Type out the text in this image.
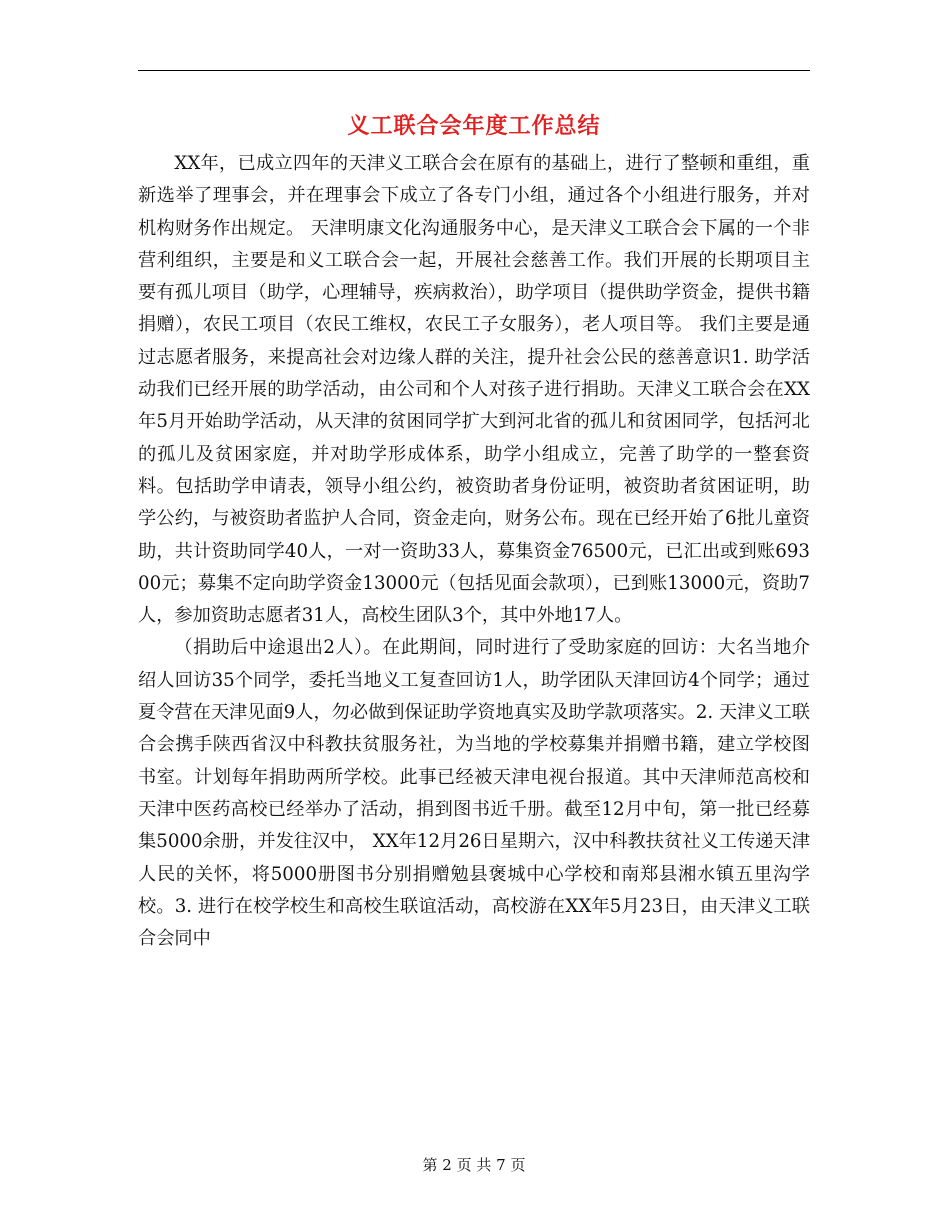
义工联合会年度工作总结

XX年，已成立四年的天津义工联合会在原有的基础上，进行了整顿和重组，重新选举了理事会，并在理事会下成立了各专门小组，通过各个小组进行服务，并对机构财务作出规定。 天津明康文化沟通服务中心，是天津义工联合会下属的一个非营利组织，主要是和义工联合会一起，开展社会慈善工作。我们开展的长期项目主要有孤儿项目（助学，心理辅导，疾病救治），助学项目（提供助学资金，提供书籍捐赠），农民工项目（农民工维权，农民工子女服务），老人项目等。 我们主要是通过志愿者服务，来提高社会对边缘人群的关注，提升社会公民的慈善意识1. 助学活动我们已经开展的助学活动，由公司和个人对孩子进行捐助。天津义工联合会在XX年5月开始助学活动，从天津的贫困同学扩大到河北省的孤儿和贫困同学，包括河北的孤儿及贫困家庭，并对助学形成体系，助学小组成立，完善了助学的一整套资料。包括助学申请表，领导小组公约，被资助者身份证明，被资助者贫困证明，助学公约，与被资助者监护人合同，资金走向，财务公布。现在已经开始了6批儿童资助，共计资助同学40人，一对一资助33人，募集资金76500元，已汇出或到账69300元；募集不定向助学资金13000元（包括见面会款项），已到账13000元，资助7人，参加资助志愿者31人，高校生团队3个，其中外地17人。

（捐助后中途退出2人）。在此期间，同时进行了受助家庭的回访：大名当地介绍人回访35个同学，委托当地义工复查回访1人，助学团队天津回访4个同学；通过夏令营在天津见面9人，勿必做到保证助学资地真实及助学款项落实。2. 天津义工联合会携手陕西省汉中科教扶贫服务社，为当地的学校募集并捐赠书籍，建立学校图书室。计划每年捐助两所学校。此事已经被天津电视台报道。其中天津师范高校和天津中医药高校已经举办了活动，捐到图书近千册。截至12月中旬，第一批已经募集5000余册，并发往汉中， XX年12月26日星期六，汉中科教扶贫社义工传递天津人民的关怀，将5000册图书分别捐赠勉县褒城中心学校和南郑县湘水镇五里沟学校。3. 进行在校学校生和高校生联谊活动，高校游在XX年5月23日，由天津义工联合会同中

第 2 页 共 7 页
